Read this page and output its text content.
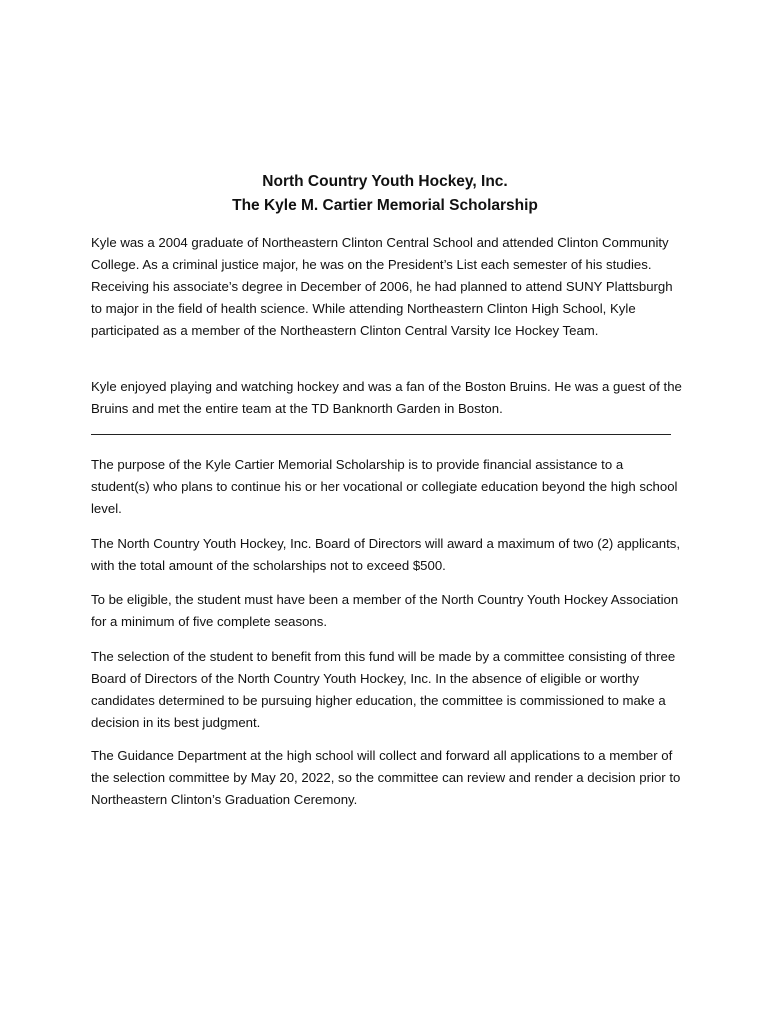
North Country Youth Hockey, Inc.

The Kyle M. Cartier Memorial Scholarship

Kyle was a 2004 graduate of Northeastern Clinton Central School and attended Clinton Community College. As a criminal justice major, he was on the President’s List each semester of his studies. Receiving his associate’s degree in December of 2006, he had planned to attend SUNY Plattsburgh to major in the field of health science. While attending Northeastern Clinton High School, Kyle participated as a member of the Northeastern Clinton Central Varsity Ice Hockey Team.

Kyle enjoyed playing and watching hockey and was a fan of the Boston Bruins. He was a guest of the Bruins and met the entire team at the TD Banknorth Garden in Boston.

The purpose of the Kyle Cartier Memorial Scholarship is to provide financial assistance to a student(s) who plans to continue his or her vocational or collegiate education beyond the high school level.

The North Country Youth Hockey, Inc. Board of Directors will award a maximum of two (2) applicants, with the total amount of the scholarships not to exceed $500.

To be eligible, the student must have been a member of the North Country Youth Hockey Association for a minimum of five complete seasons.

The selection of the student to benefit from this fund will be made by a committee consisting of three Board of Directors of the North Country Youth Hockey, Inc. In the absence of eligible or worthy candidates determined to be pursuing higher education, the committee is commissioned to make a decision in its best judgment.

The Guidance Department at the high school will collect and forward all applications to a member of the selection committee by May 20, 2022, so the committee can review and render a decision prior to Northeastern Clinton’s Graduation Ceremony.
